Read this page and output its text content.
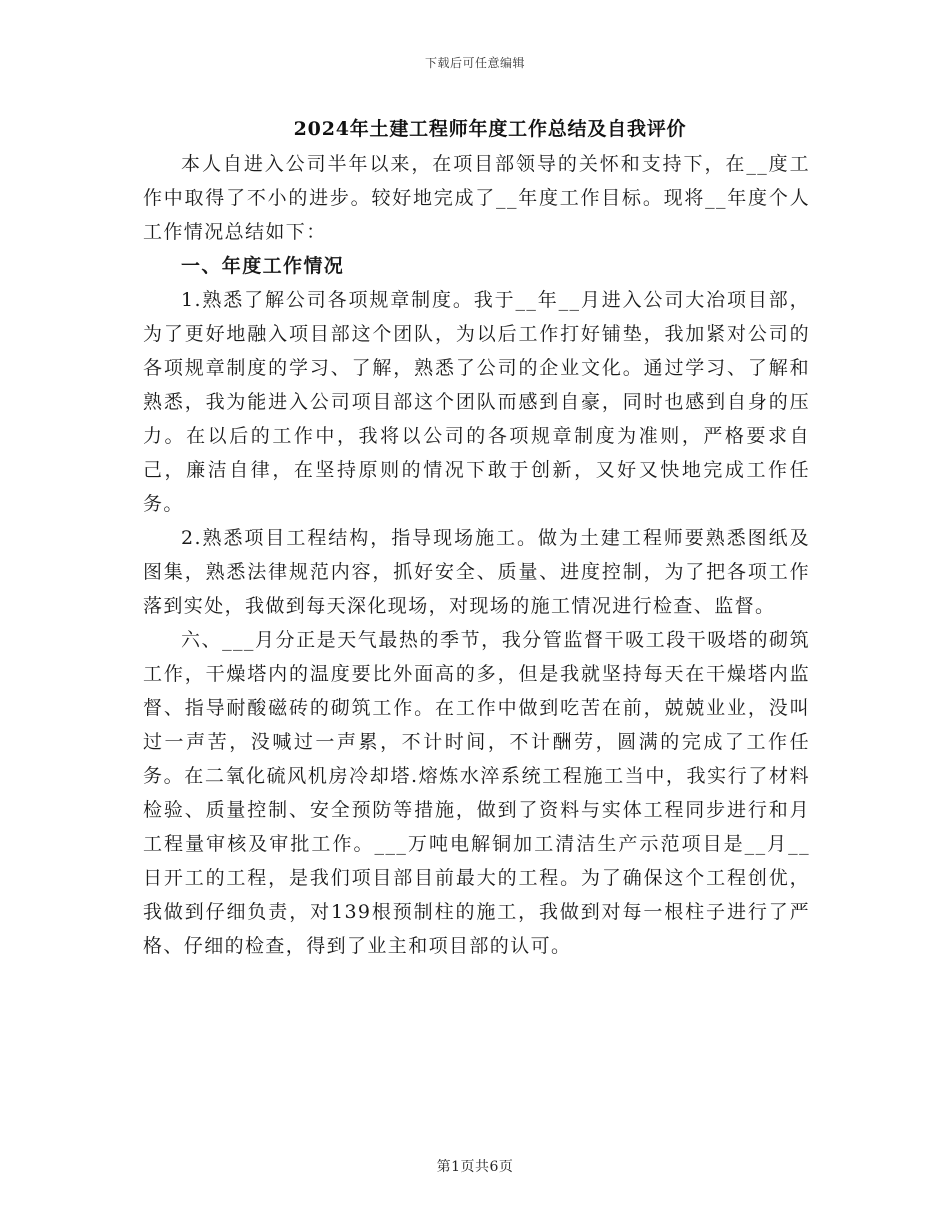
下载后可任意编辑
2024年土建工程师年度工作总结及自我评价

本人自进入公司半年以来，在项目部领导的关怀和支持下，在__度工作中取得了不小的进步。较好地完成了__年度工作目标。现将__年度个人工作情况总结如下：

一、年度工作情况

1.熟悉了解公司各项规章制度。我于__年__月进入公司大冶项目部，为了更好地融入项目部这个团队，为以后工作打好铺垫，我加紧对公司的各项规章制度的学习、了解，熟悉了公司的企业文化。通过学习、了解和熟悉，我为能进入公司项目部这个团队而感到自豪，同时也感到自身的压力。在以后的工作中，我将以公司的各项规章制度为准则，严格要求自己，廉洁自律，在坚持原则的情况下敢于创新，又好又快地完成工作任务。

2.熟悉项目工程结构，指导现场施工。做为土建工程师要熟悉图纸及图集，熟悉法律规范内容，抓好安全、质量、进度控制，为了把各项工作落到实处，我做到每天深化现场，对现场的施工情况进行检查、监督。

六、___月分正是天气最热的季节，我分管监督干吸工段干吸塔的砌筑工作，干燥塔内的温度要比外面高的多，但是我就坚持每天在干燥塔内监督、指导耐酸磁砖的砌筑工作。在工作中做到吃苦在前，兢兢业业，没叫过一声苦，没喊过一声累，不计时间，不计酬劳，圆满的完成了工作任务。在二氧化硫风机房冷却塔.熔炼水淬系统工程施工当中，我实行了材料检验、质量控制、安全预防等措施，做到了资料与实体工程同步进行和月工程量审核及审批工作。___万吨电解铜加工清洁生产示范项目是__月__日开工的工程，是我们项目部目前最大的工程。为了确保这个工程创优，我做到仔细负责，对139根预制柱的施工，我做到对每一根柱子进行了严格、仔细的检查，得到了业主和项目部的认可。

第1页共6页
